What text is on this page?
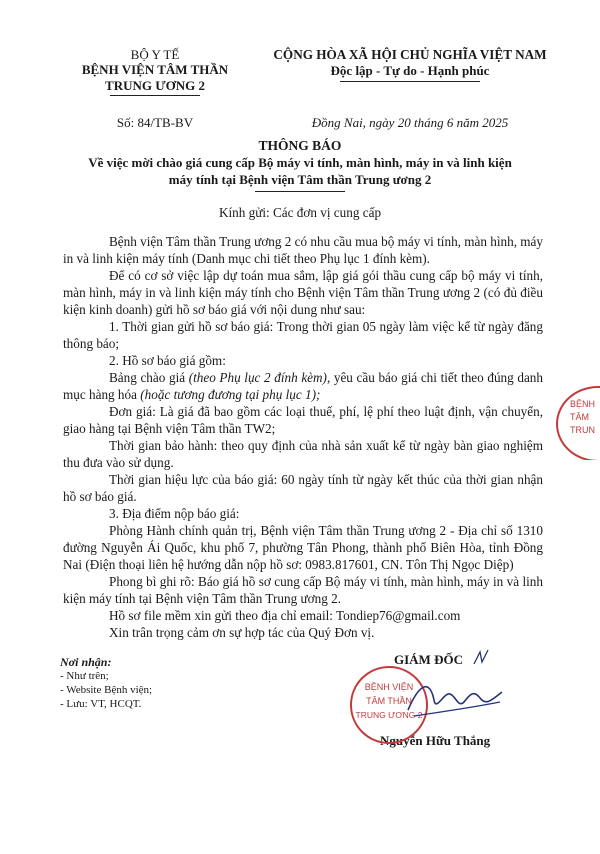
BỘ Y TẾ
BỆNH VIỆN TÂM THẦN
TRUNG ƯƠNG 2
CỘNG HÒA XÃ HỘI CHỦ NGHĨA VIỆT NAM
Độc lập - Tự do - Hạnh phúc
Số: 84/TB-BV	Đồng Nai, ngày 20 tháng 6 năm 2025
THÔNG BÁO
Về việc mời chào giá cung cấp Bộ máy vi tính, màn hình, máy in và linh kiện
máy tính tại Bệnh viện Tâm thần Trung ương 2
Kính gửi: Các đơn vị cung cấp
Bệnh viện Tâm thần Trung ương 2 có nhu cầu mua bộ máy vi tính, màn hình, máy in và linh kiện máy tính (Danh mục chi tiết theo Phụ lục 1 đính kèm).
Để có cơ sở việc lập dự toán mua sắm, lập giá gói thầu cung cấp bộ máy vi tính, màn hình, máy in và linh kiện máy tính cho Bệnh viện Tâm thần Trung ương 2 (có đủ điều kiện kinh doanh) gửi hồ sơ báo giá với nội dung như sau:
1. Thời gian gửi hồ sơ báo giá: Trong thời gian 05 ngày làm việc kể từ ngày đăng thông báo;
2. Hồ sơ báo giá gồm:
Bảng chào giá (theo Phụ lục 2 đính kèm), yêu cầu báo giá chi tiết theo đúng danh mục hàng hóa (hoặc tương đương tại phụ lục 1);
Đơn giá: Là giá đã bao gồm các loại thuế, phí, lệ phí theo luật định, vận chuyển, giao hàng tại Bệnh viện Tâm thần TW2;
Thời gian bảo hành: theo quy định của nhà sản xuất kể từ ngày bàn giao nghiệm thu đưa vào sử dụng.
Thời gian hiệu lực của báo giá: 60 ngày tính từ ngày kết thúc của thời gian nhận hồ sơ báo giá.
3. Địa điểm nộp báo giá:
Phòng Hành chính quản trị, Bệnh viện Tâm thần Trung ương 2 - Địa chỉ số 1310 đường Nguyễn Ái Quốc, khu phố 7, phường Tân Phong, thành phố Biên Hòa, tỉnh Đồng Nai (Điện thoại liên hệ hướng dẫn nộp hồ sơ: 0983.817601, CN. Tôn Thị Ngọc Diệp)
Phong bì ghi rõ: Báo giá hồ sơ cung cấp Bộ máy vi tính, màn hình, máy in và linh kiện máy tính tại Bệnh viện Tâm thần Trung ương 2.
Hồ sơ file mềm xin gửi theo địa chỉ email: Tondiep76@gmail.com
Xin trân trọng cảm ơn sự hợp tác của Quý Đơn vị.
Nơi nhận:
- Như trên;
- Website Bệnh viện;
- Lưu: VT, HCQT.
GIÁM ĐỐC
Nguyễn Hữu Thắng
BỆNH VIỆN
TÂM THẦN
TRUNG ƯƠNG 2
BỆNH
TÂM
TRUN
